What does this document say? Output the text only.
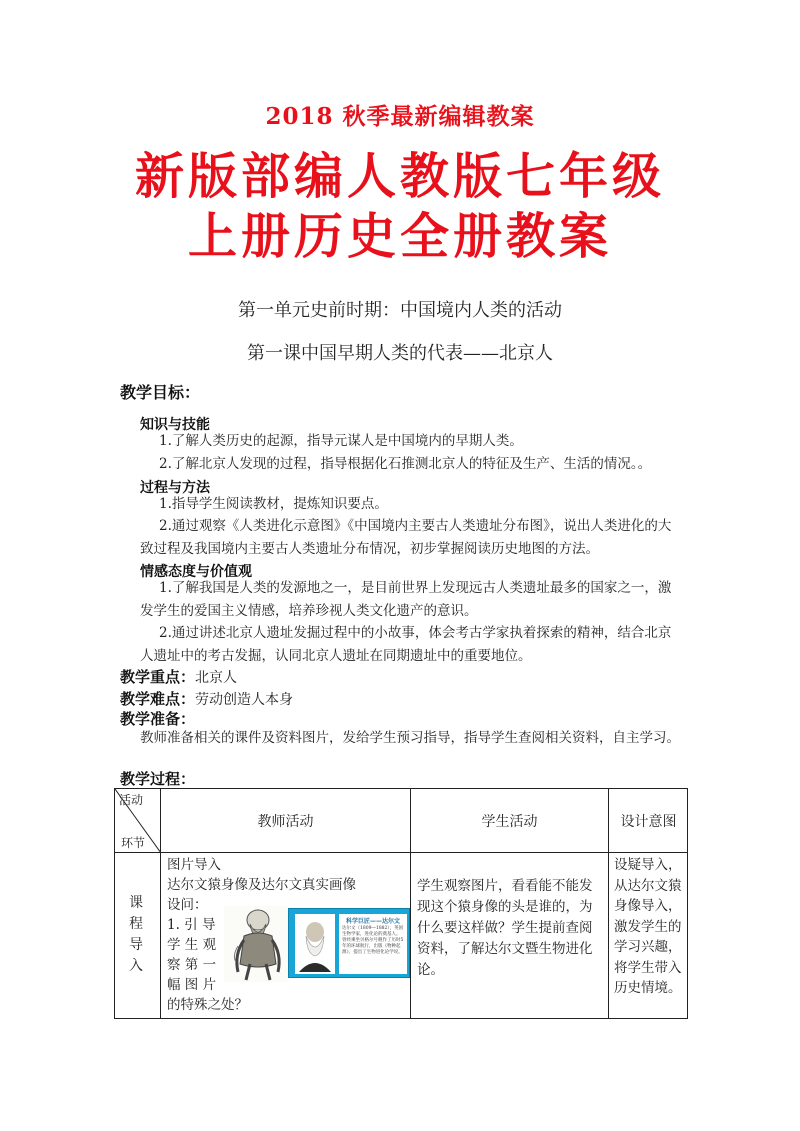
2018 秋季最新编辑教案
新版部编人教版七年级
上册历史全册教案
第一单元史前时期：中国境内人类的活动
第一课中国早期人类的代表——北京人
教学目标：
知识与技能
1.了解人类历史的起源，指导元谋人是中国境内的早期人类。
2.了解北京人发现的过程，指导根据化石推测北京人的特征及生产、生活的情况。。
过程与方法
1.指导学生阅读教材，提炼知识要点。
2.通过观察《人类进化示意图》《中国境内主要古人类遗址分布图》，说出人类进化的大致过程及我国境内主要古人类遗址分布情况，初步掌握阅读历史地图的方法。
情感态度与价值观
1.了解我国是人类的发源地之一，是目前世界上发现远古人类遗址最多的国家之一，激发学生的爱国主义情感，培养珍视人类文化遗产的意识。
2.通过讲述北京人遗址发掘过程中的小故事，体会考古学家执着探索的精神，结合北京人遗址中的考古发掘，认同北京人遗址在同期遗址中的重要地位。
教学重点：北京人
教学难点：劳动创造人本身
教学准备：
教师准备相关的课件及资料图片，发给学生预习指导，指导学生查阅相关资料，自主学习。
教学过程：
活动
环节
教师活动	学生活动	设计意图
课程导入
图片导入
达尔文猿身像及达尔文真实画像
设问：
1. 引 导
学 生 观
察 第 一
幅 图 片
的特殊之处？
学生观察图片，看看能不能发现这个猿身像的头是谁的，为什么要这样做？学生提前查阅资料，了解达尔文暨生物进化论。
设疑导入，从达尔文猿身像导入，激发学生的学习兴趣，将学生带入历史情境。
科学巨匠——达尔文
达尔文（1809—1882），英国生物学家，进化论的奠基人。曾经乘坐贝格尔号舰作了历时5年的环球航行，出版《物种起源》，提出了生物进化论学说。
